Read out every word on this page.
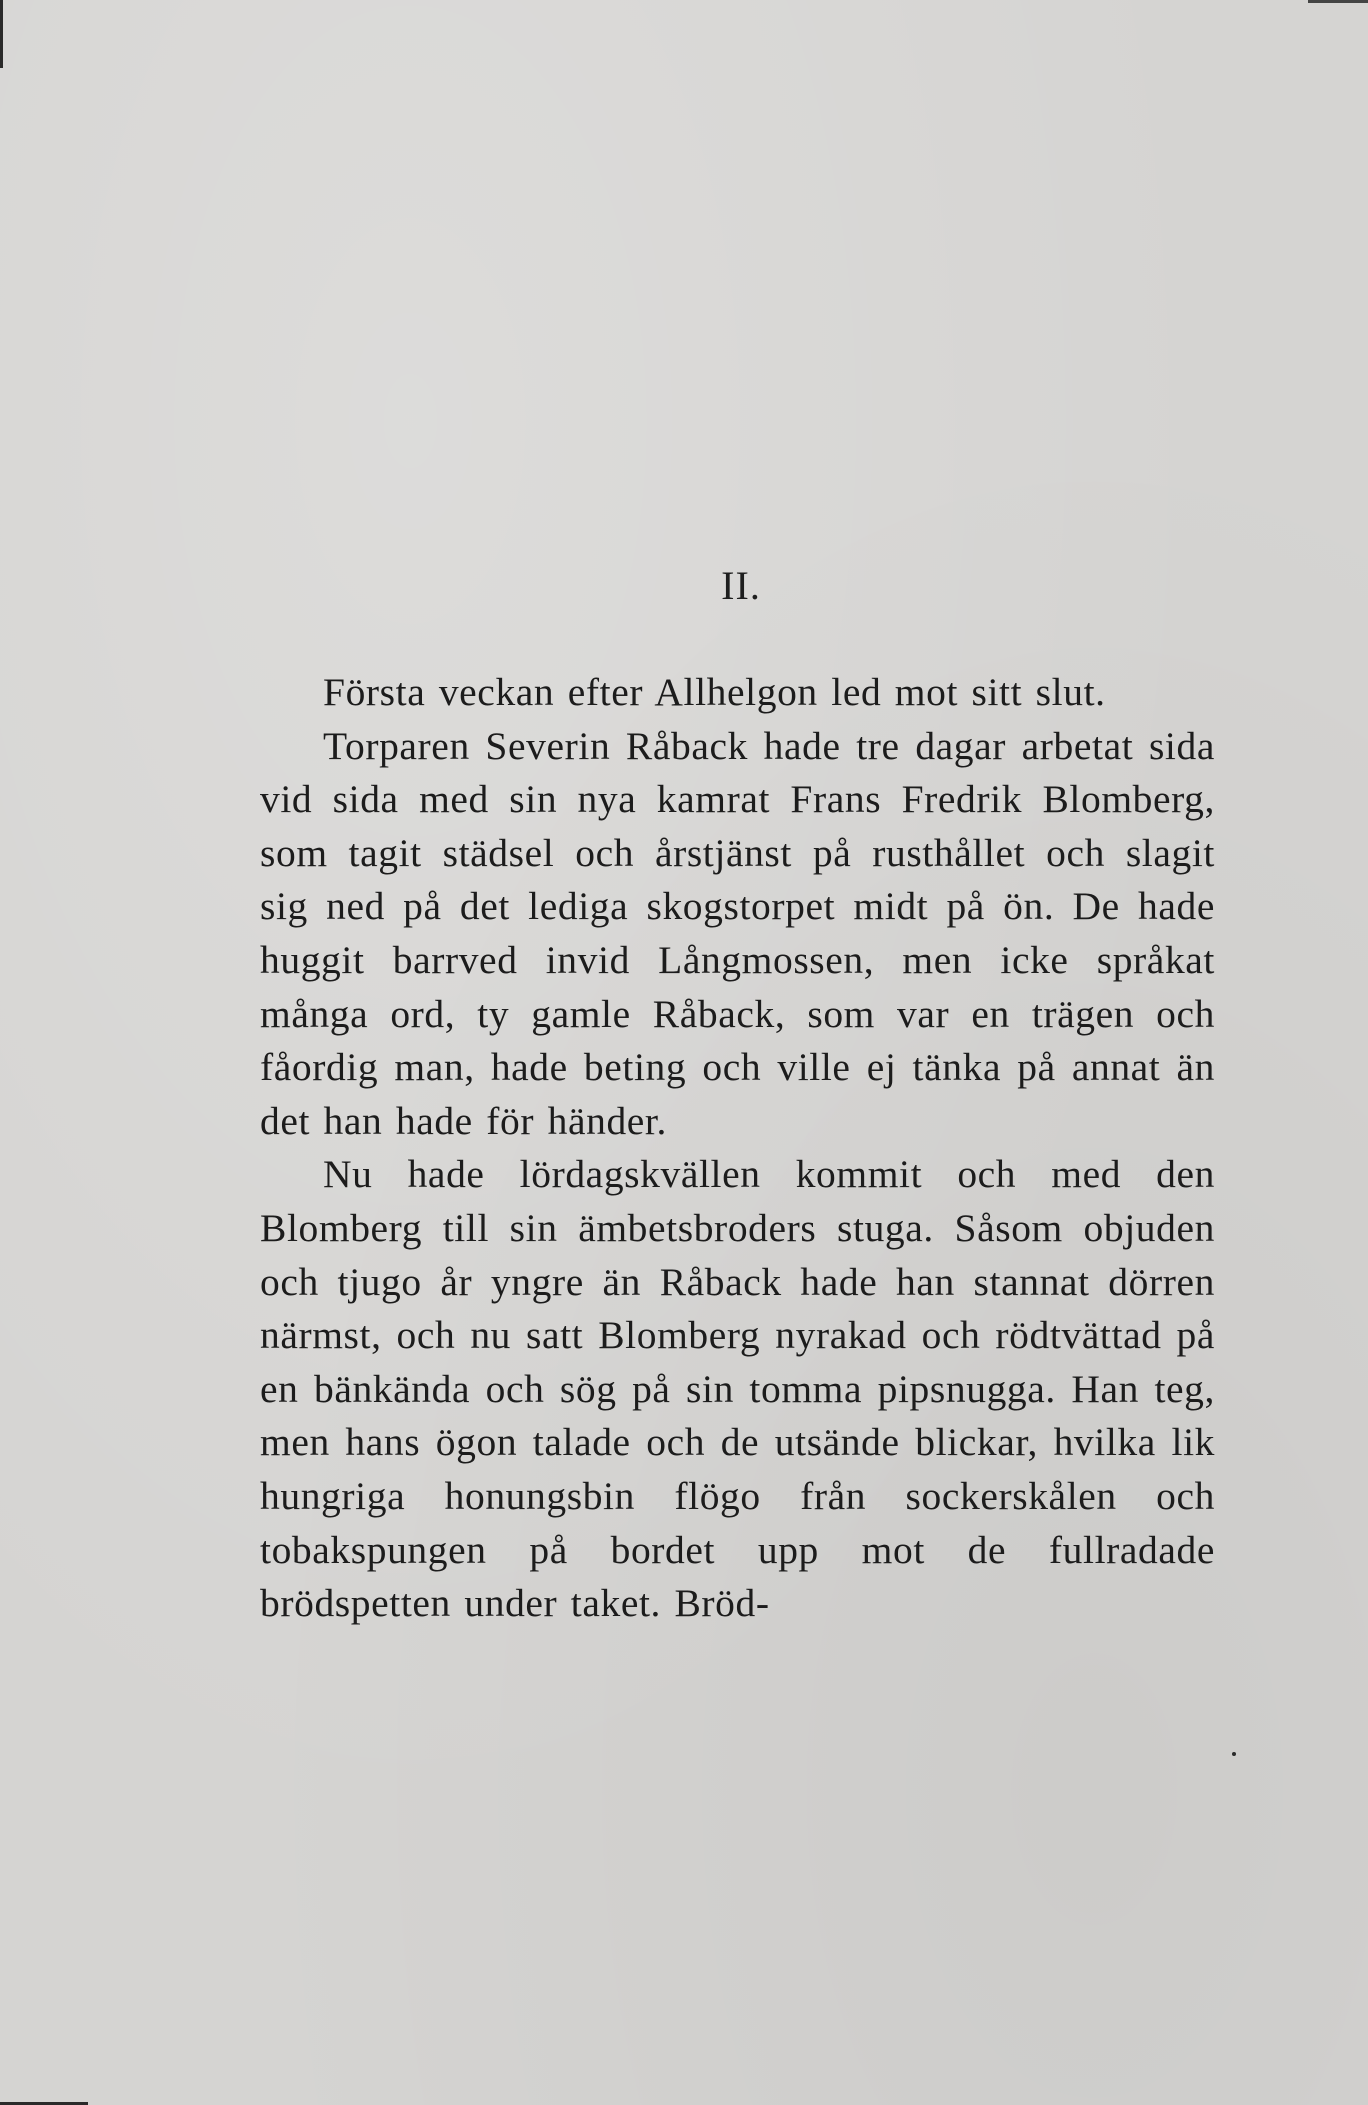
II.

Första veckan efter Allhelgon led mot sitt slut.

Torparen Severin Råback hade tre dagar arbetat sida vid sida med sin nya kamrat Frans Fredrik Blomberg, som tagit städsel och årstjänst på rusthållet och slagit sig ned på det lediga skogstorpet midt på ön. De hade huggit barrved invid Långmossen, men icke språkat många ord, ty gamle Råback, som var en trägen och fåordig man, hade beting och ville ej tänka på annat än det han hade för händer.

Nu hade lördagskvällen kommit och med den Blomberg till sin ämbetsbroders stuga. Såsom objuden och tjugo år yngre än Råback hade han stannat dörren närmst, och nu satt Blomberg nyrakad och rödtvättad på en bänkända och sög på sin tomma pipsnugga. Han teg, men hans ögon talade och de utsände blickar, hvilka lik hungriga honungsbin flögo från sockerskålen och tobakspungen på bordet upp mot de fullradade brödspetten under taket. Bröd-
